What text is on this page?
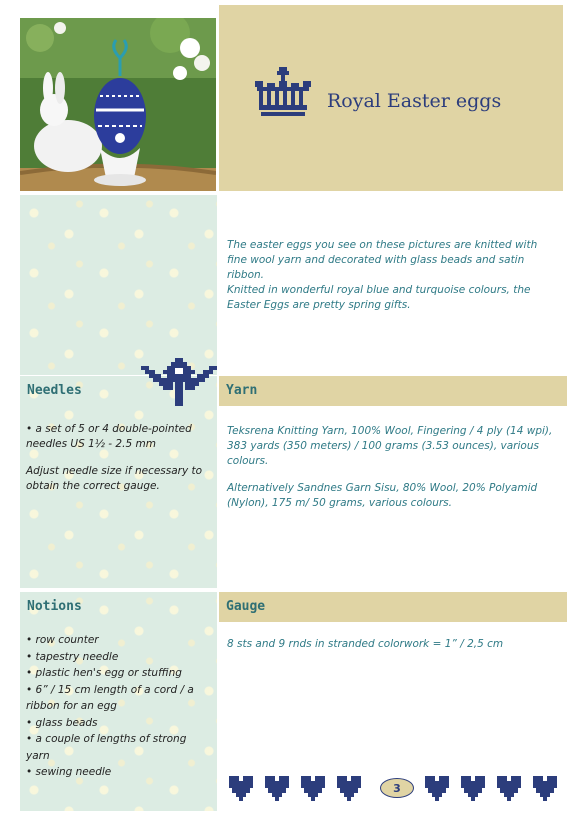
Royal Easter eggs

The easter eggs you see on these pictures are knitted with fine wool yarn and decorated with glass beads and satin ribbon.

Knitted in wonderful royal blue and turquoise colours, the Easter Eggs are pretty spring gifts.

Needles

• a set of 5 or 4 double-pointed needles US 1½ - 2.5 mm

Adjust needle size if necessary to obtain the correct gauge.

Yarn

Teksrena Knitting Yarn, 100% Wool, Fingering / 4 ply (14 wpi), 383 yards (350 meters) / 100 grams (3.53 ounces), various colours.

Alternatively Sandnes Garn Sisu, 80% Wool, 20% Polyamid (Nylon), 175 m/ 50 grams, various colours.

Notions
• row counter
• tapestry needle
• plastic hen's egg or stuffing
• 6” / 15 cm length of a cord / a ribbon for an egg
• glass beads
• a couple of lengths of strong yarn
• sewing needle
Gauge
8 sts and 9 rnds in stranded colorwork = 1” / 2,5 cm
3
